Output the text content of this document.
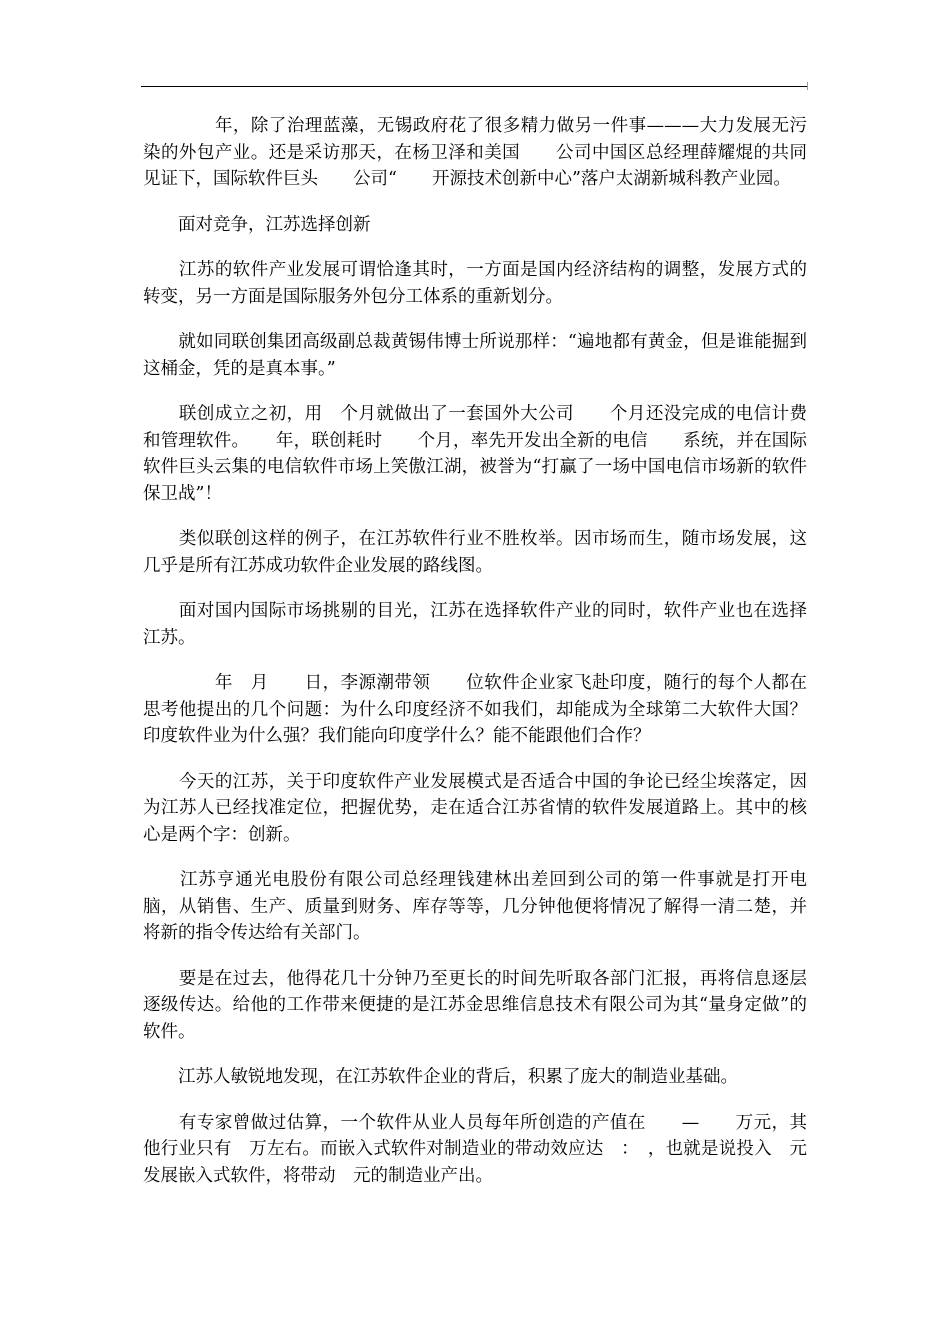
　　　　年，除了治理蓝藻，无锡政府花了很多精力做另一件事———大力发展无污染的外包产业。还是采访那天，在杨卫泽和美国　　公司中国区总经理薛耀焜的共同见证下，国际软件巨头　　公司“　　开源技术创新中心”落户太湖新城科教产业园。

　　面对竞争，江苏选择创新

　　江苏的软件产业发展可谓恰逢其时，一方面是国内经济结构的调整，发展方式的转变，另一方面是国际服务外包分工体系的重新划分。

　　就如同联创集团高级副总裁黄锡伟博士所说那样：“遍地都有黄金，但是谁能掘到这桶金，凭的是真本事。”

　　联创成立之初，用　个月就做出了一套国外大公司　　个月还没完成的电信计费和管理软件。　　年，联创耗时　　个月，率先开发出全新的电信　　系统，并在国际软件巨头云集的电信软件市场上笑傲江湖，被誉为“打赢了一场中国电信市场新的软件保卫战”！

　　类似联创这样的例子，在江苏软件行业不胜枚举。因市场而生，随市场发展，这几乎是所有江苏成功软件企业发展的路线图。

　　面对国内国际市场挑剔的目光，江苏在选择软件产业的同时，软件产业也在选择江苏。

　　　　年　月　　日，李源潮带领　　位软件企业家飞赴印度，随行的每个人都在思考他提出的几个问题：为什么印度经济不如我们，却能成为全球第二大软件大国？印度软件业为什么强？我们能向印度学什么？能不能跟他们合作？

　　今天的江苏，关于印度软件产业发展模式是否适合中国的争论已经尘埃落定，因为江苏人已经找准定位，把握优势，走在适合江苏省情的软件发展道路上。其中的核心是两个字：创新。

　　江苏亨通光电股份有限公司总经理钱建林出差回到公司的第一件事就是打开电脑，从销售、生产、质量到财务、库存等等，几分钟他便将情况了解得一清二楚，并将新的指令传达给有关部门。

　　要是在过去，他得花几十分钟乃至更长的时间先听取各部门汇报，再将信息逐层逐级传达。给他的工作带来便捷的是江苏金思维信息技术有限公司为其“量身定做”的　　软件。

　　江苏人敏锐地发现，在江苏软件企业的背后，积累了庞大的制造业基础。

　　有专家曾做过估算，一个软件从业人员每年所创造的产值在　　—　　万元，其他行业只有　万左右。而嵌入式软件对制造业的带动效应达　：　，也就是说投入　元发展嵌入式软件，将带动　元的制造业产出。
